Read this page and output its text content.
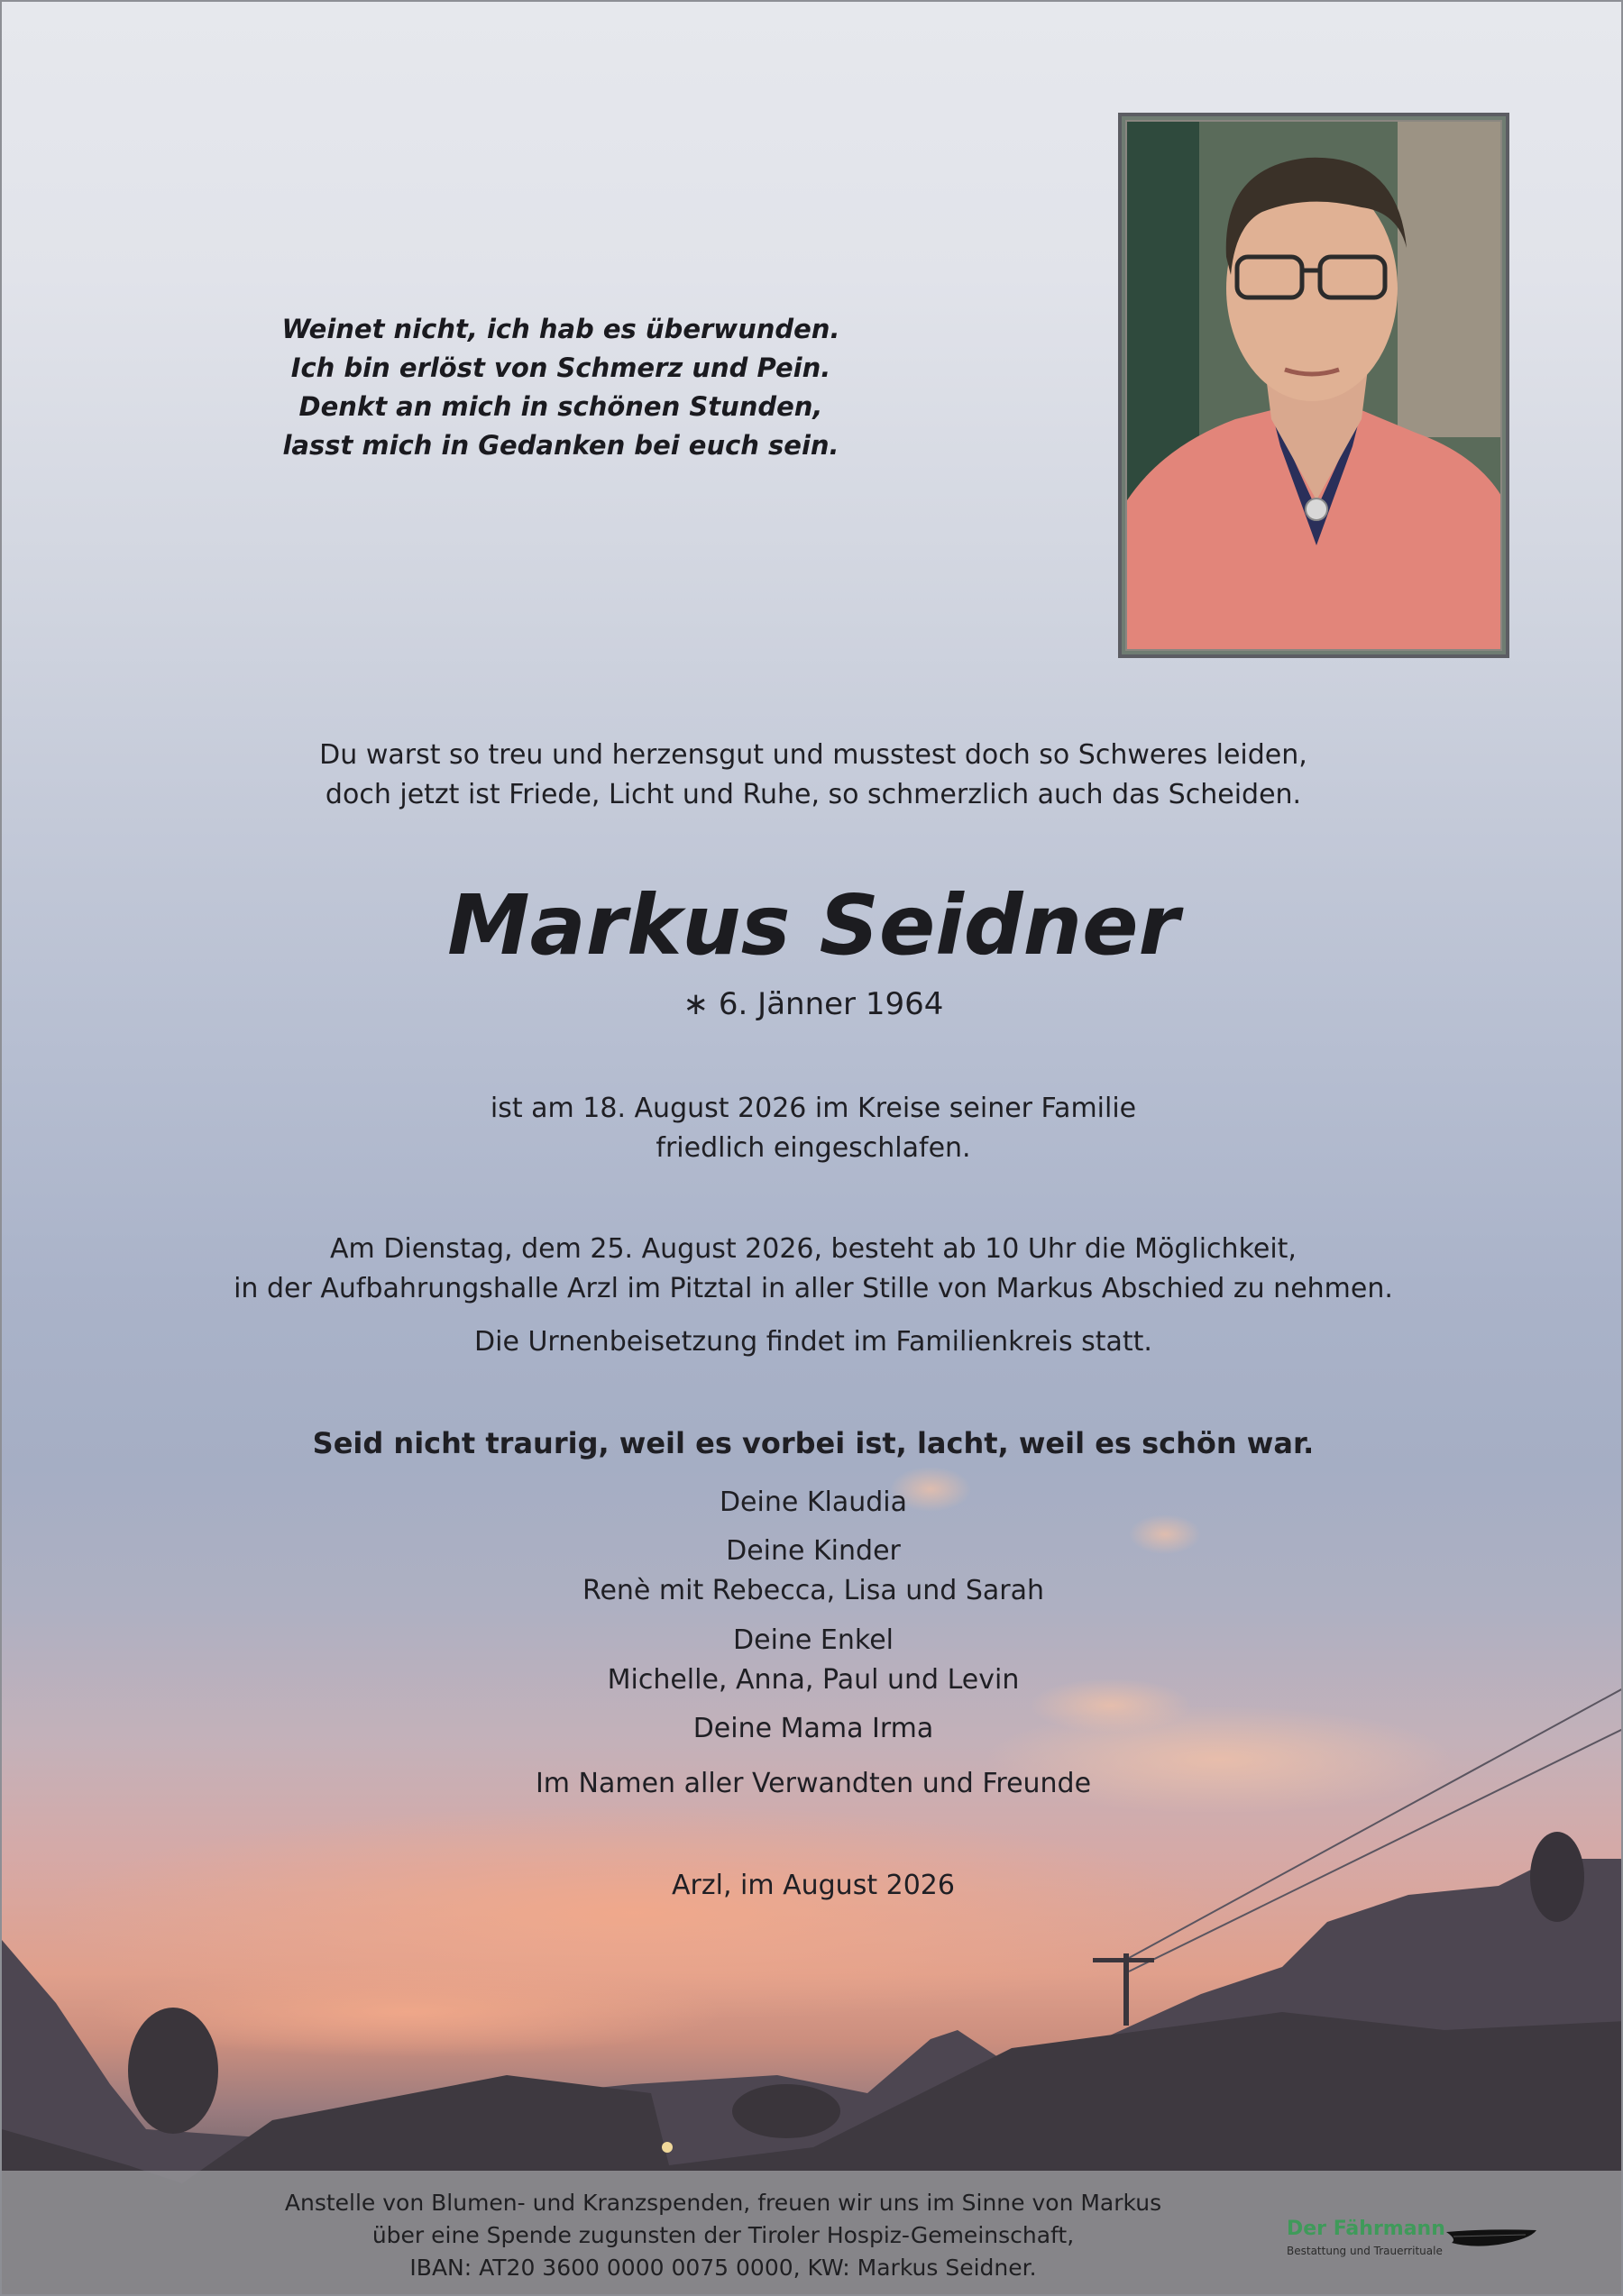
Weinet nicht, ich hab es überwunden.
Ich bin erlöst von Schmerz und Pein.
Denkt an mich in schönen Stunden,
lasst mich in Gedanken bei euch sein.
Du warst so treu und herzensgut und musstest doch so Schweres leiden,
doch jetzt ist Friede, Licht und Ruhe, so schmerzlich auch das Scheiden.
Markus Seidner
∗ 6. Jänner 1964
ist am 18. August 2026 im Kreise seiner Familie
friedlich eingeschlafen.
Am Dienstag, dem 25. August 2026, besteht ab 10 Uhr die Möglichkeit,
in der Aufbahrungshalle Arzl im Pitztal in aller Stille von Markus Abschied zu nehmen.
Die Urnenbeisetzung findet im Familienkreis statt.
Seid nicht traurig, weil es vorbei ist, lacht, weil es schön war.
Deine Klaudia
Deine Kinder
Renè mit Rebecca, Lisa und Sarah
Deine Enkel
Michelle, Anna, Paul und Levin
Deine Mama Irma
Im Namen aller Verwandten und Freunde
Arzl, im August 2026
Anstelle von Blumen- und Kranzspenden, freuen wir uns im Sinne von Markus
über eine Spende zugunsten der Tiroler Hospiz-Gemeinschaft,
IBAN: AT20 3600 0000 0075 0000, KW: Markus Seidner.
Der Fährmann
Bestattung und Trauerrituale
